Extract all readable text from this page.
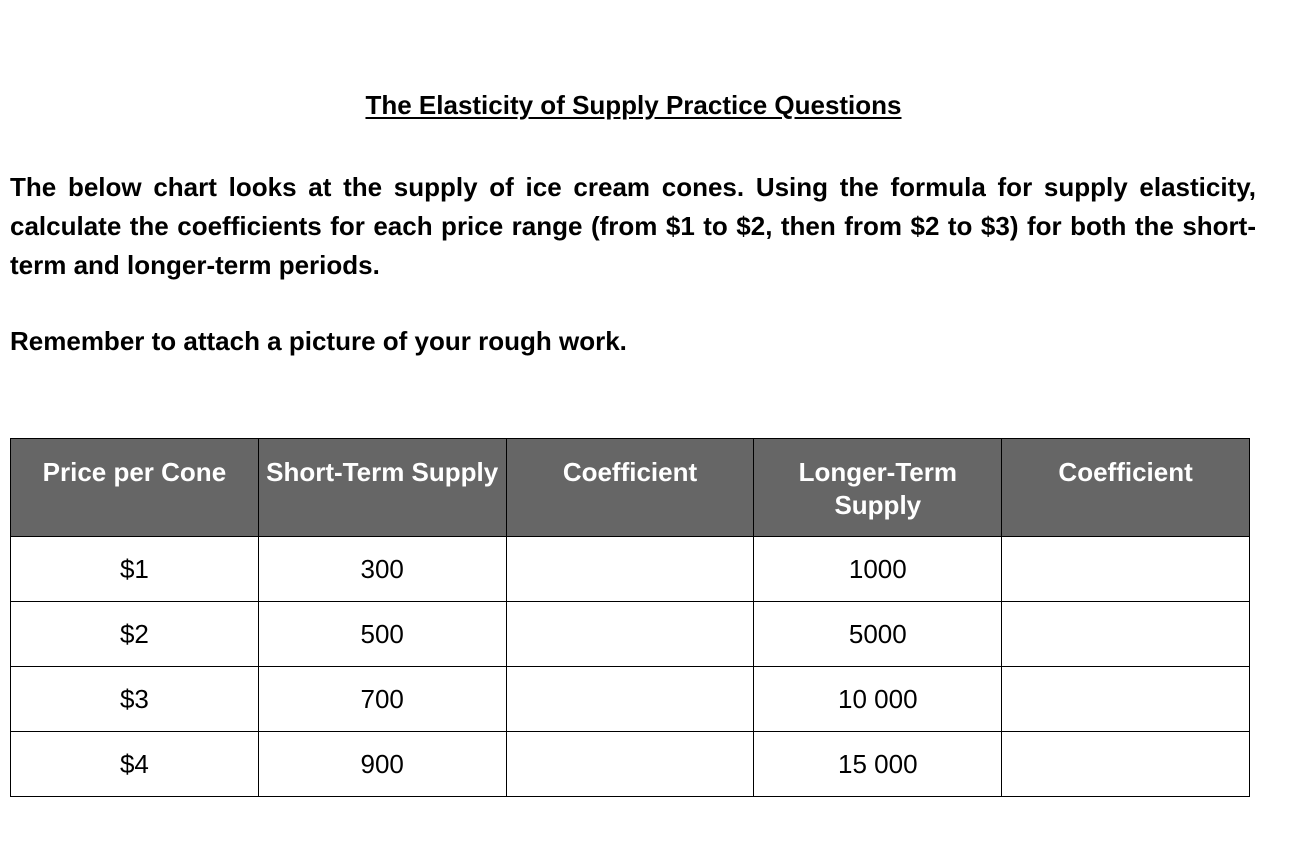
The Elasticity of Supply Practice Questions

The below chart looks at the supply of ice cream cones. Using the formula for supply elasticity, calculate the coefficients for each price range (from $1 to $2, then from $2 to $3) for both the short-term and longer-term periods.

Remember to attach a picture of your rough work.

Price per Cone	Short-Term Supply	Coefficient	Longer-Term Supply	Coefficient
$1	300		1000	
$2	500		5000	
$3	700		10 000	
$4	900		15 000	
